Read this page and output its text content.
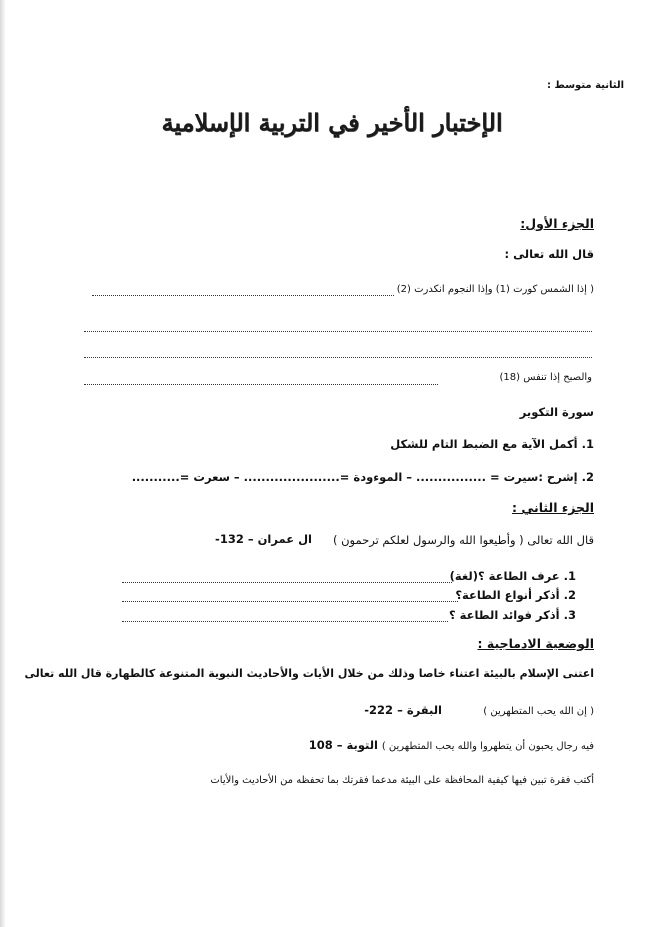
الثانية متوسط :
الإختبار الأخير في التربية الإسلامية
الجزء الأول:
قال الله تعالى :
( إذا الشمس كورت (1) وإذا النجوم انكدرت (2)
والصبح إذا تنفس (18)
سورة التكوير
1. أكمل الآية مع الضبط التام للشكل
2. إشرح :سيرت = ................ – الموءودة =...................... – سعرت =...........
الجزء الثاني :
قال الله تعالى ( وأطيعوا الله والرسول لعلكم ترحمون )
ال عمران – 132-
1. عرف الطاعة ؟(لغة)
2. أذكر أنواع الطاعة؟
3. أذكر فوائد الطاعة ؟
الوضعية الادماجية :
اعتنى الإسلام بالبيئة اعتناء خاصا وذلك من خلال الأيات والأحاديث النبوية المتنوعة كالطهارة قال الله تعالى
( إن الله يحب المتطهرين )
البقرة – 222-
فيه رجال يحبون أن يتطهروا والله يحب المتطهرين )
التوبة – 108
أكتب فقرة تبين فيها كيفية المحافظة على البيئة مدعما فقرتك بما تحفظه من الأحاديث والأيات
